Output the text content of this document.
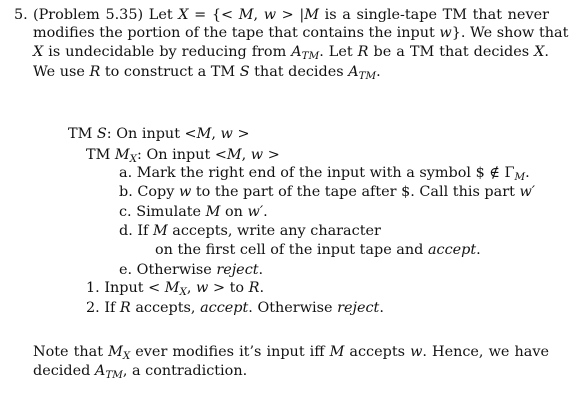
5. (Problem 5.35) Let X = {< M, w > |M is a single-tape TM that never
modifies the portion of the tape that contains the input w}. We show that
X is undecidable by reducing from $A_{TM}$. Let R be a TM that decides X.
We use R to construct a TM S that decides $A_{TM}$.
TM S: On input <M, w >
TM $M_X$: On input <M, w >
a. Mark the right end of the input with a symbol $ ∉ $\Gamma_M$.
b. Copy w to the part of the tape after $. Call this part w′
c. Simulate M on w′.
d. If M accepts, write any character
on the first cell of the input tape and accept.
e. Otherwise reject.
1. Input < $M_X$, w > to R.
2. If R accepts, accept. Otherwise reject.
Note that $M_X$ ever modifies it’s input iff M accepts w. Hence, we have
decided $A_{TM}$, a contradiction.
